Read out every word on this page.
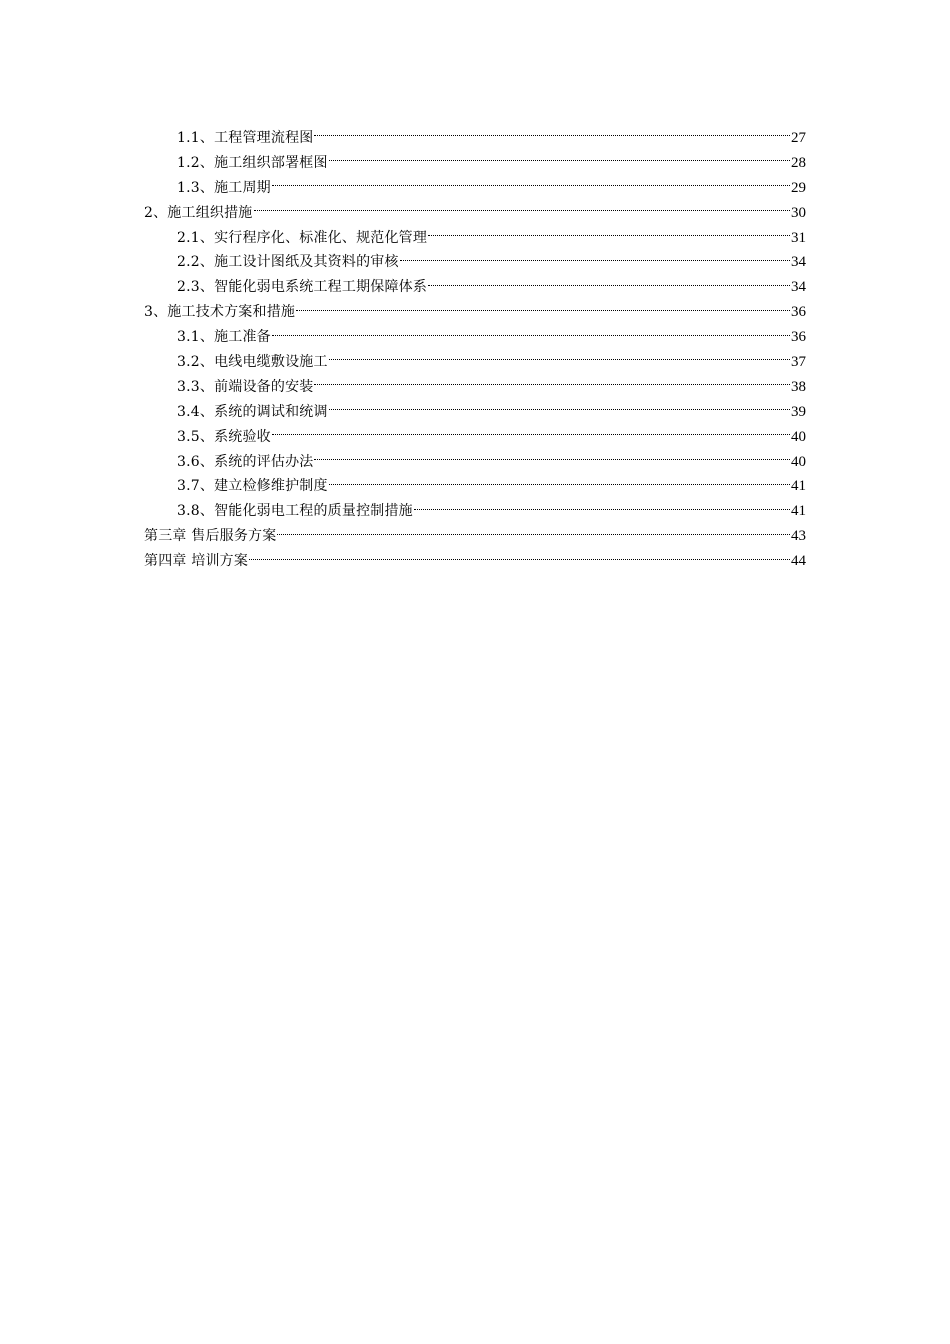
1.1、工程管理流程图	27
1.2、施工组织部署框图	28
1.3、施工周期	29
2、施工组织措施	30
2.1、实行程序化、标准化、规范化管理	31
2.2、施工设计图纸及其资料的审核	34
2.3、智能化弱电系统工程工期保障体系	34
3、施工技术方案和措施	36
3.1、施工准备	36
3.2、电线电缆敷设施工	37
3.3、前端设备的安装	38
3.4、系统的调试和统调	39
3.5、系统验收	40
3.6、系统的评估办法	40
3.7、建立检修维护制度	41
3.8、智能化弱电工程的质量控制措施	41
第三章 售后服务方案	43
第四章 培训方案	44
